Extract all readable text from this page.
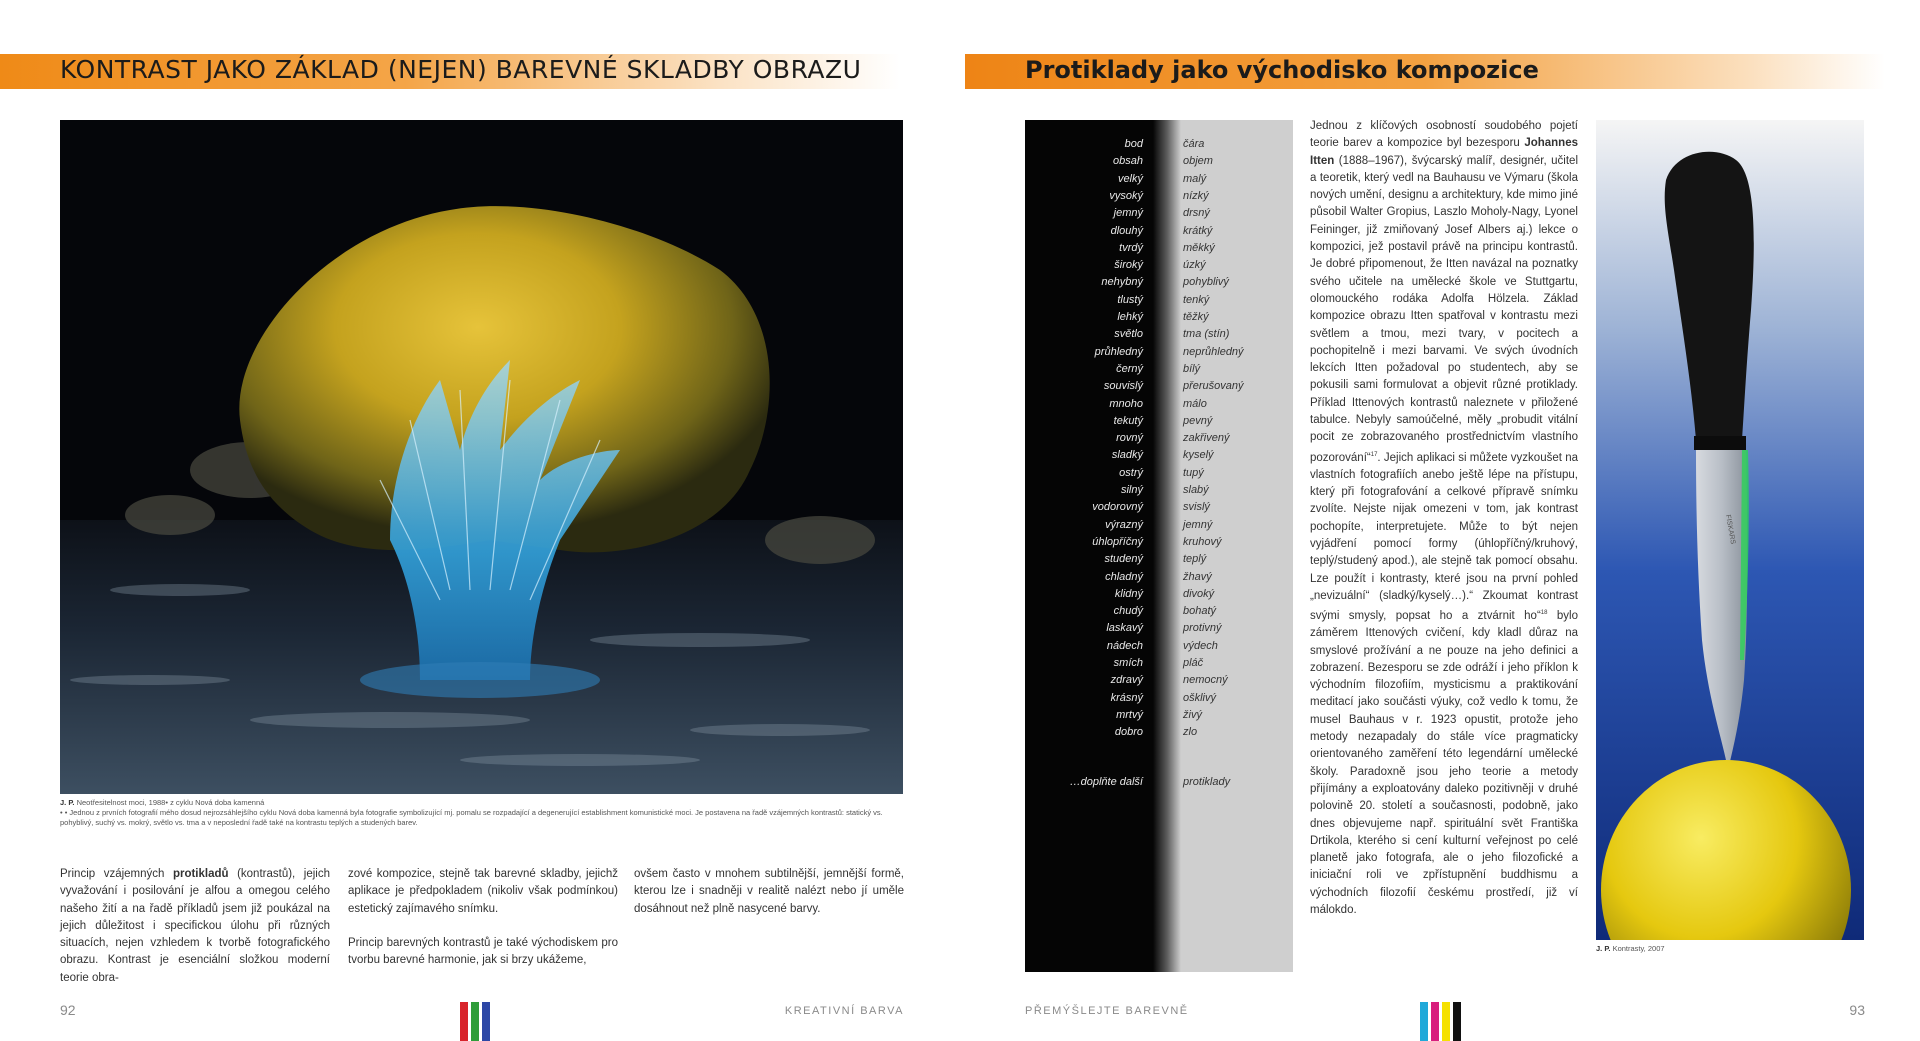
KONTRAST JAKO ZÁKLAD (NEJEN) BAREVNÉ SKLADBY OBRAZU
J. P. Neotřesitelnost moci, 1988• z cyklu Nová doba kamenná
• • Jednou z prvních fotografií mého dosud nejrozsáhlejšího cyklu Nová doba kamenná byla fotografie symbolizující mj. pomalu se rozpadající a degenerující establishment komunistické moci. Je postavena na řadě vzájemných kontrastů: statický vs. pohyblivý, suchý vs. mokrý, světlo vs. tma a v neposlední řadě také na kontrastu teplých a studených barev.
Princip vzájemných protikladů (kontrastů), jejich vyvažování i posilování je alfou a omegou celého našeho žití a na řadě příkladů jsem již poukázal na jejich důležitost i specifickou úlohu při různých situacích, nejen vzhledem k tvorbě fotografického obrazu. Kontrast je esenciální složkou moderní teorie obra-

zové kompozice, stejně tak barevné skladby, jejichž aplikace je předpokladem (nikoliv však podmínkou) estetický zajímavého snímku.

Princip barevných kontrastů je také východiskem pro tvorbu barevné harmonie, jak si brzy ukážeme,

ovšem často v mnohem subtilnější, jemnější formě, kterou lze i snadněji v realitě nalézt nebo jí uměle dosáhnout než plně nasycené barvy.
92	KREATIVNÍ BARVA
Protiklady jako východisko kompozice
bod	čára
obsah	objem
velký	malý
vysoký	nízký
jemný	drsný
dlouhý	krátký
tvrdý	měkký
široký	úzký
nehybný	pohyblivý
tlustý	tenký
lehký	těžký
světlo	tma (stín)
průhledný	neprůhledný
černý	bílý
souvislý	přerušovaný
mnoho	málo
tekutý	pevný
rovný	zakřivený
sladký	kyselý
ostrý	tupý
silný	slabý
vodorovný	svislý
výrazný	jemný
úhlopříčný	kruhový
studený	teplý
chladný	žhavý
klidný	divoký
chudý	bohatý
laskavý	protivný
nádech	výdech
smích	pláč
zdravý	nemocný
krásný	ošklivý
mrtvý	živý
dobro	zlo
…doplňte další	protiklady
Jednou z klíčových osobností soudobého pojetí teorie barev a kompozice byl bezesporu Johannes Itten (1888–1967), švýcarský malíř, designér, učitel a teoretik, který vedl na Bauhausu ve Výmaru (škola nových umění, designu a architektury, kde mimo jiné působil Walter Gropius, Laszlo Moholy-Nagy, Lyonel Feininger, již zmiňovaný Josef Albers aj.) lekce o kompozici, jež postavil právě na principu kontrastů. Je dobré připomenout, že Itten navázal na poznatky svého učitele na umělecké škole ve Stuttgartu, olomouckého rodáka Adolfa Hölzela. Základ kompozice obrazu Itten spatřoval v kontrastu mezi světlem a tmou, mezi tvary, v pocitech a pochopitelně i mezi barvami. Ve svých úvodních lekcích Itten požadoval po studentech, aby se pokusili sami formulovat a objevit různé protiklady. Příklad Ittenových kontrastů naleznete v přiložené tabulce. Nebyly samoúčelné, měly „probudit vitální pocit ze zobrazovaného prostřednictvím vlastního pozorování“$^{17}$. Jejich aplikaci si můžete vyzkoušet na vlastních fotografiích anebo ještě lépe na přístupu, který při fotografování a celkové přípravě snímku zvolíte. Nejste nijak omezeni v tom, jak kontrast pochopíte, interpretujete. Může to být nejen vyjádření pomocí formy (úhlopříčný/kruhový, teplý/studený apod.), ale stejně tak pomocí obsahu. Lze použít i kontrasty, které jsou na první pohled „nevizuální“ (sladký/kyselý…).“ Zkoumat kontrast svými smysly, popsat ho a ztvárnit ho“$^{18}$ bylo záměrem Ittenových cvičení, kdy kladl důraz na smyslové prožívání a ne pouze na jeho definici a zobrazení. Bezesporu se zde odráží i jeho příklon k východním filozofiím, mysticismu a praktikování meditací jako součásti výuky, což vedlo k tomu, že musel Bauhaus v r. 1923 opustit, protože jeho metody nezapadaly do stále více pragmaticky orientovaného zaměření této legendární umělecké školy. Paradoxně jsou jeho teorie a metody přijímány a exploatovány daleko pozitivněji v druhé polovině 20. století a současnosti, podobně, jako dnes objevujeme např. spirituální svět Františka Drtikola, kterého si cení kulturní veřejnost po celé planetě jako fotografa, ale o jeho filozofické a iniciační roli ve zpřístupnění buddhismu a východních filozofií českému prostředí, již ví málokdo.
FISKARS
J. P. Kontrasty, 2007
PŘEMÝŠLEJTE BAREVNĚ	93
